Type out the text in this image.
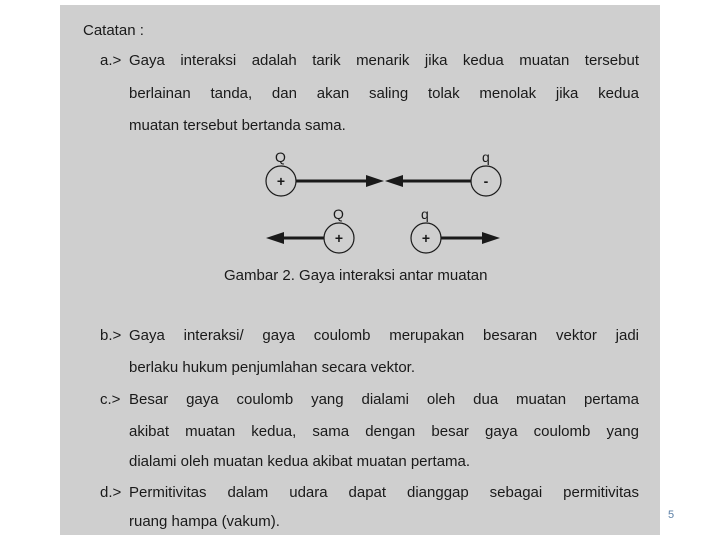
Catatan :
a.> Gaya interaksi adalah tarik menarik jika kedua muatan tersebut
berlainan tanda, dan akan saling tolak menolak jika kedua
muatan tersebut bertanda sama.
Q	q
+	-
Q	q
+	+
Gambar 2. Gaya interaksi antar muatan
b.> Gaya interaksi/ gaya coulomb merupakan besaran vektor jadi
berlaku hukum penjumlahan secara vektor.
c.> Besar gaya coulomb yang dialami oleh dua muatan pertama
akibat muatan kedua, sama dengan besar gaya coulomb yang
dialami oleh muatan kedua akibat muatan pertama.
d.> Permitivitas dalam udara dapat dianggap sebagai permitivitas
ruang hampa (vakum).	5
